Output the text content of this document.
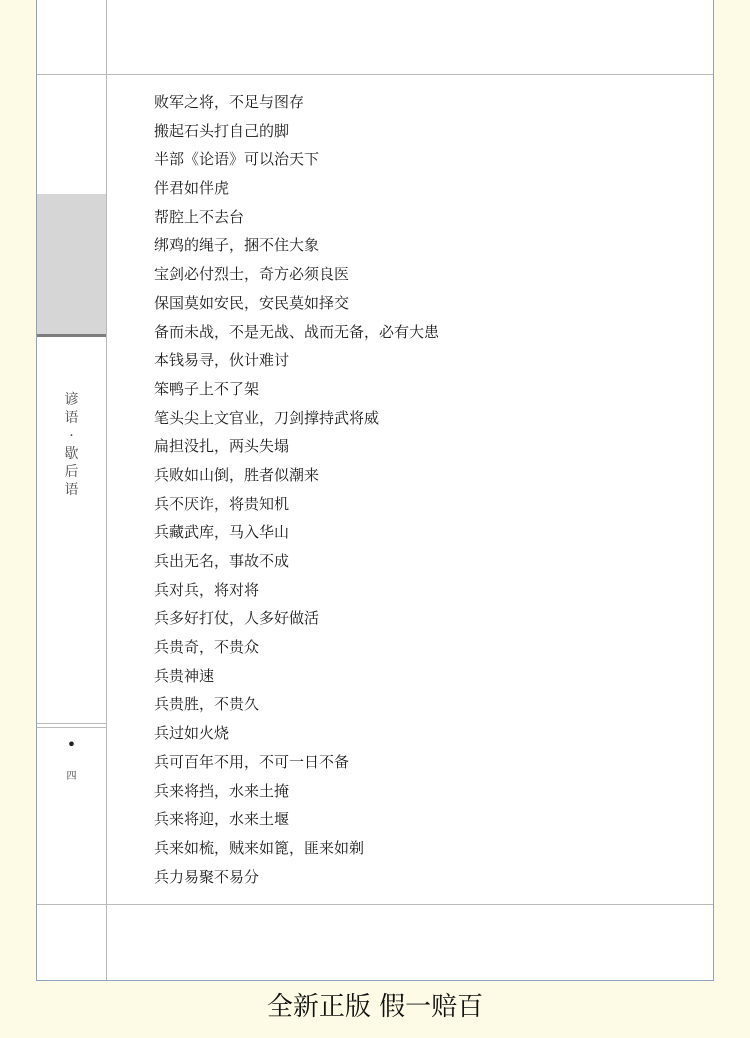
谚
语
·
歇
后
语
•
四
败军之将，不足与图存
搬起石头打自己的脚
半部《论语》可以治天下
伴君如伴虎
帮腔上不去台
绑鸡的绳子，捆不住大象
宝剑必付烈士，奇方必须良医
保国莫如安民，安民莫如择交
备而未战，不是无战、战而无备，必有大患
本钱易寻，伙计难讨
笨鸭子上不了架
笔头尖上文官业，刀剑撑持武将威
扁担没扎，两头失塌
兵败如山倒，胜者似潮来
兵不厌诈，将贵知机
兵藏武库，马入华山
兵出无名，事故不成
兵对兵，将对将
兵多好打仗，人多好做活
兵贵奇，不贵众
兵贵神速
兵贵胜，不贵久
兵过如火烧
兵可百年不用，不可一日不备
兵来将挡，水来土掩
兵来将迎，水来土堰
兵来如梳，贼来如篦，匪来如剃
兵力易聚不易分
全新正版 假一赔百
